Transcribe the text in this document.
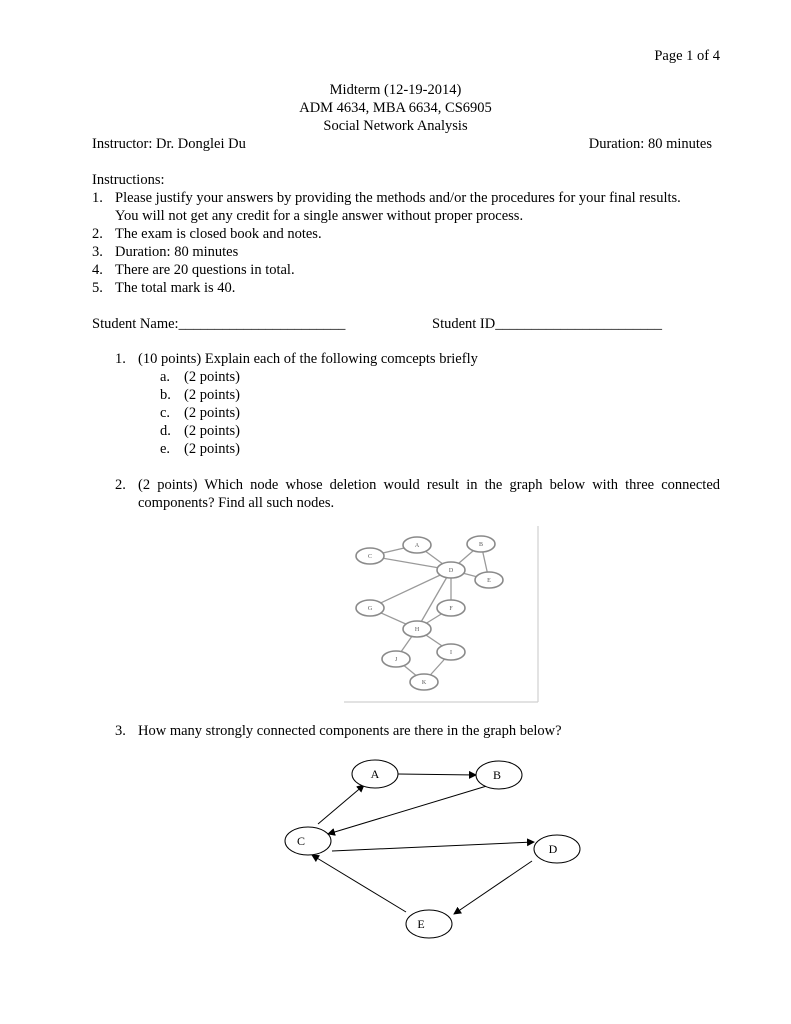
Page 1 of 4
Midterm (12-19-2014)
ADM 4634, MBA 6634, CS6905
Social Network Analysis
Instructor: Dr. Donglei Du	Duration: 80 minutes
Instructions:
1. Please justify your answers by providing the methods and/or the procedures for your final results.
You will not get any credit for a single answer without proper process.
2. The exam is closed book and notes.
3. Duration: 80 minutes
4. There are 20 questions in total.
5. The total mark is 40.
Student Name:_______________________	Student ID_______________________
1. (10 points) Explain each of the following comcepts briefly
a. (2 points)
b. (2 points)
c. (2 points)
d. (2 points)
e. (2 points)
2. (2 points) Which node whose deletion would result in the graph below with three connected
components? Find all such nodes.
A	B
C
D
E
F
G
H
I
J
K
3. How many strongly connected components are there in the graph below?
A	B
C
D
E
